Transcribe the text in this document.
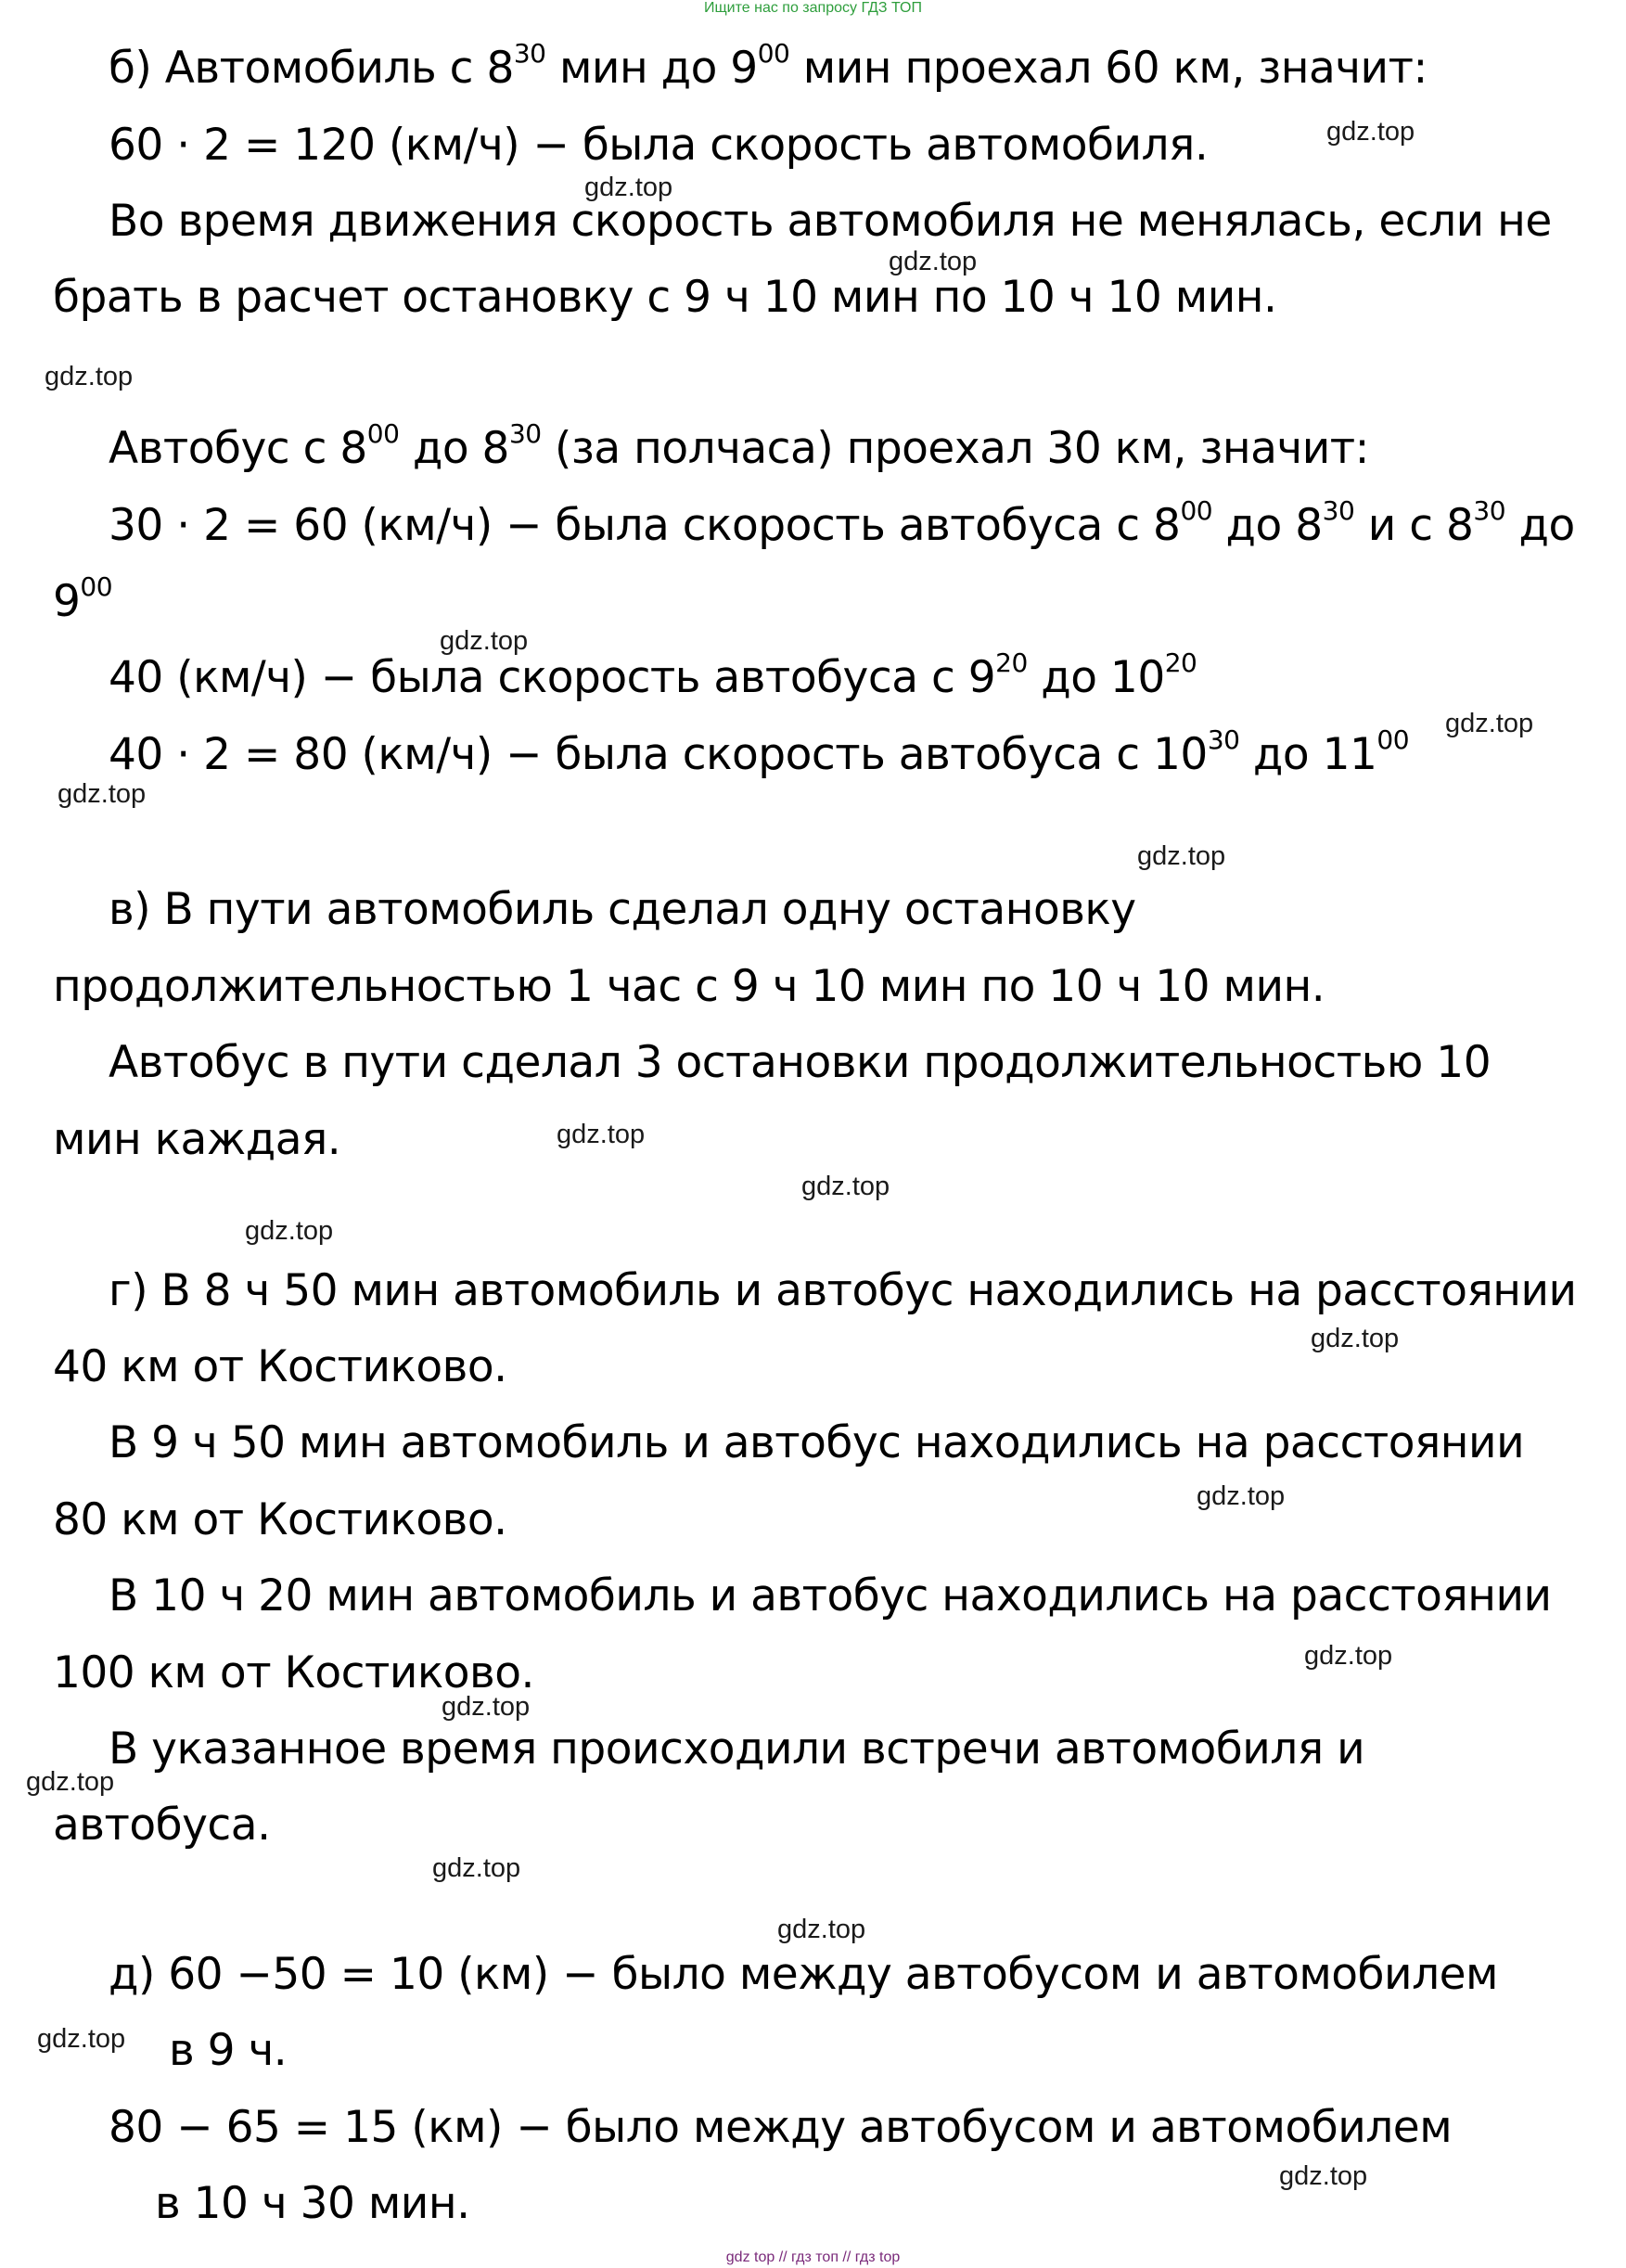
Ищите нас по запросу ГДЗ ТОП
б) Автомобиль с $8^{30}$ мин до $9^{00}$ мин проехал 60 км, значит:
60 · 2 = 120 (км/ч) − была скорость автомобиля.
Во время движения скорость автомобиля не менялась, если не
брать в расчет остановку с 9 ч 10 мин по 10 ч 10 мин.
Автобус с $8^{00}$ до $8^{30}$ (за полчаса) проехал 30 км, значит:
30 · 2 = 60 (км/ч) − была скорость автобуса с $8^{00}$ до $8^{30}$ и с $8^{30}$ до
$9^{00}$
40 (км/ч) − была скорость автобуса с $9^{20}$ до $10^{20}$
40 · 2 = 80 (км/ч) − была скорость автобуса с $10^{30}$ до $11^{00}$
в) В пути автомобиль сделал одну остановку
продолжительностью 1 час с 9 ч 10 мин по 10 ч 10 мин.
Автобус в пути сделал 3 остановки продолжительностью 10
мин каждая.
г) В 8 ч 50 мин автомобиль и автобус находились на расстоянии
40 км от Костиково.
В 9 ч 50 мин автомобиль и автобус находились на расстоянии
80 км от Костиково.
В 10 ч 20 мин автомобиль и автобус находились на расстоянии
100 км от Костиково.
В указанное время происходили встречи автомобиля и
автобуса.
д) 60 −50 = 10 (км) − было между автобусом и автомобилем
в 9 ч.
80 − 65 = 15 (км) − было между автобусом и автомобилем
в 10 ч 30 мин.
gdz.top
gdz.top
gdz.top
gdz.top
gdz.top
gdz.top
gdz.top
gdz.top
gdz.top
gdz.top
gdz.top
gdz.top
gdz.top
gdz.top
gdz.top
gdz.top
gdz.top
gdz.top
gdz.top
gdz.top
gdz top // гдз топ // гдз top
